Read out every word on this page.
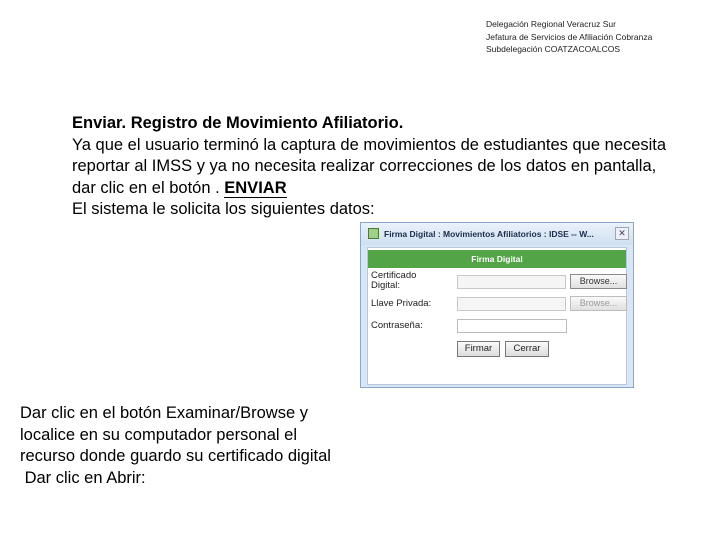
Delegación Regional Veracruz Sur
Jefatura de Servicios de Afiliación Cobranza
Subdelegación COATZACOALCOS
Enviar. Registro de Movimiento Afiliatorio.
Ya que el usuario terminó la captura de movimientos de estudiantes que necesita reportar al IMSS y ya no necesita realizar correcciones de los datos en pantalla, dar clic en el botón . ENVIAR
El sistema le solicita los siguientes datos:
Firma Digital : Movimientos Afiliatorios : IDSE -- W...	✕
Firma Digital
Certificado
Digital:	Browse...
Llave Privada:	Browse...
Contraseña:
Firmar	Cerrar
Dar clic en el botón Examinar/Browse y
localice en su computador personal el
recurso donde guardo su certificado digital
Dar clic en Abrir:
